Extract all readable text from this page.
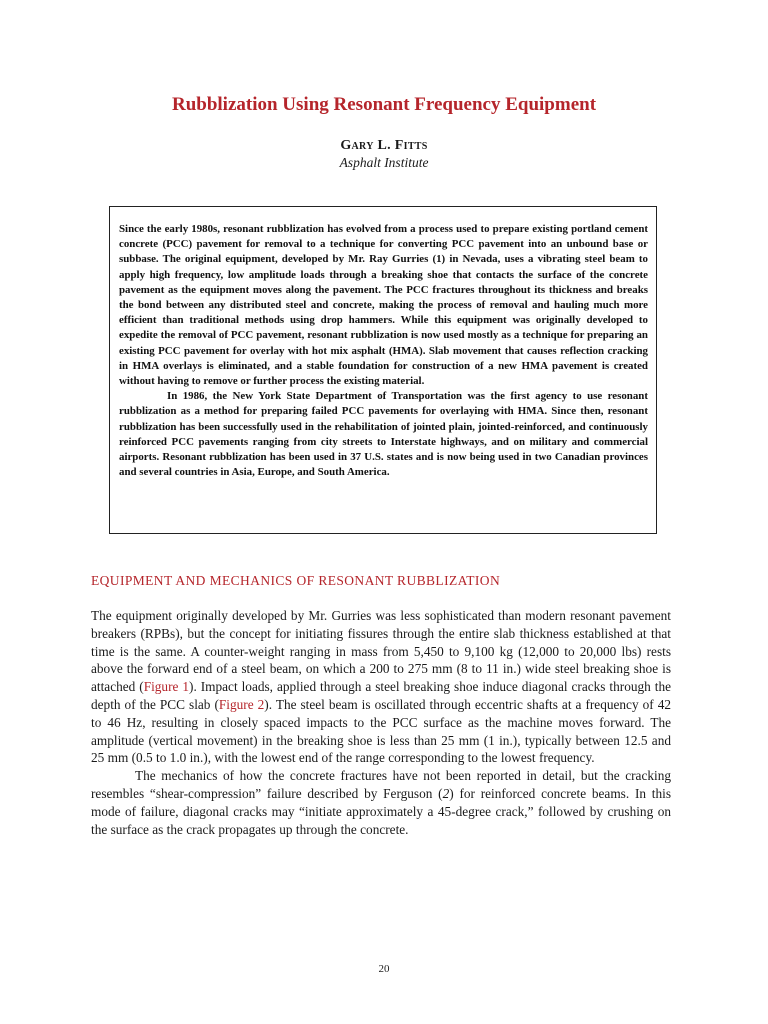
Rubblization Using Resonant Frequency Equipment
Gary L. Fitts
Asphalt Institute

Since the early 1980s, resonant rubblization has evolved from a process used to prepare existing portland cement concrete (PCC) pavement for removal to a technique for converting PCC pavement into an unbound base or subbase. The original equipment, developed by Mr. Ray Gurries (1) in Nevada, uses a vibrating steel beam to apply high frequency, low amplitude loads through a breaking shoe that contacts the surface of the concrete pavement as the equipment moves along the pavement. The PCC fractures throughout its thickness and breaks the bond between any distributed steel and concrete, making the process of removal and hauling much more efficient than traditional methods using drop hammers. While this equipment was originally developed to expedite the removal of PCC pavement, resonant rubblization is now used mostly as a technique for preparing an existing PCC pavement for overlay with hot mix asphalt (HMA). Slab movement that causes reflection cracking in HMA overlays is eliminated, and a stable foundation for construction of a new HMA pavement is created without having to remove or further process the existing material.

In 1986, the New York State Department of Transportation was the first agency to use resonant rubblization as a method for preparing failed PCC pavements for overlaying with HMA. Since then, resonant rubblization has been successfully used in the rehabilitation of jointed plain, jointed-reinforced, and continuously reinforced PCC pavements ranging from city streets to Interstate highways, and on military and commercial airports. Resonant rubblization has been used in 37 U.S. states and is now being used in two Canadian provinces and several countries in Asia, Europe, and South America.

EQUIPMENT AND MECHANICS OF RESONANT RUBBLIZATION

The equipment originally developed by Mr. Gurries was less sophisticated than modern resonant pavement breakers (RPBs), but the concept for initiating fissures through the entire slab thickness established at that time is the same. A counter-weight ranging in mass from 5,450 to 9,100 kg (12,000 to 20,000 lbs) rests above the forward end of a steel beam, on which a 200 to 275 mm (8 to 11 in.) wide steel breaking shoe is attached (Figure 1). Impact loads, applied through a steel breaking shoe induce diagonal cracks through the depth of the PCC slab (Figure 2). The steel beam is oscillated through eccentric shafts at a frequency of 42 to 46 Hz, resulting in closely spaced impacts to the PCC surface as the machine moves forward. The amplitude (vertical movement) in the breaking shoe is less than 25 mm (1 in.), typically between 12.5 and 25 mm (0.5 to 1.0 in.), with the lowest end of the range corresponding to the lowest frequency.

The mechanics of how the concrete fractures have not been reported in detail, but the cracking resembles “shear-compression” failure described by Ferguson (2) for reinforced concrete beams. In this mode of failure, diagonal cracks may “initiate approximately a 45-degree crack,” followed by crushing on the surface as the crack propagates up through the concrete.

20
